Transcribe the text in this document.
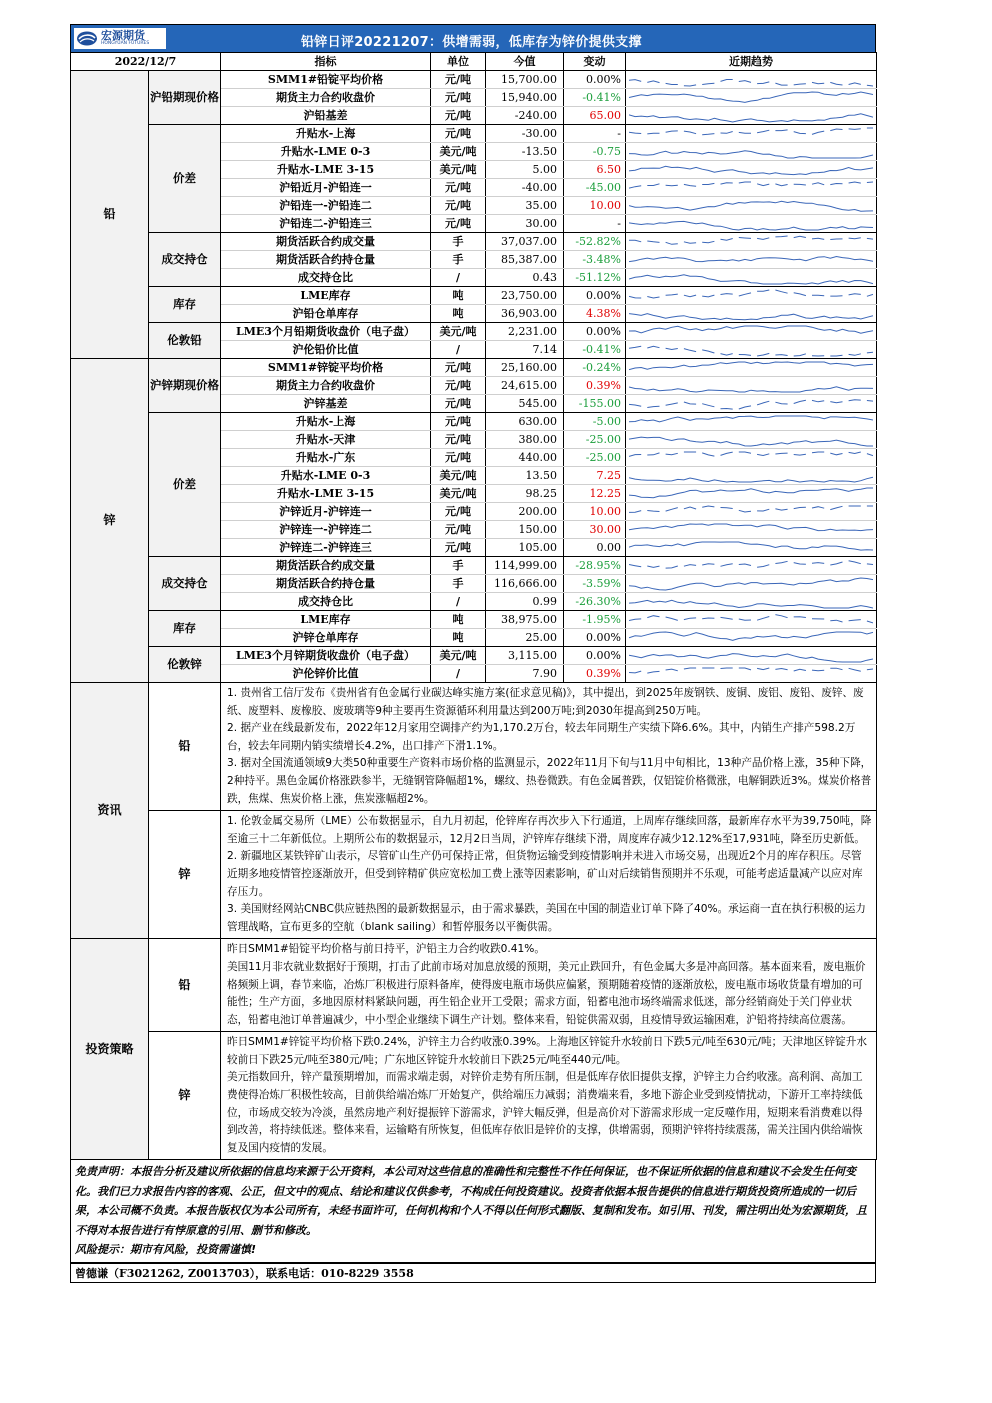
宏源期货
HONGYUAN FUTURES	铅锌日评20221207：供增需弱，低库存为锌价提供支撑
2022/12/7		指标	单位	今值	变动	近期趋势
铅	沪铅期现价格	SMM1#铅锭平均价格	元/吨	15,700.00	0.00%	

		期货主力合约收盘价	元/吨	15,940.00	-0.41%	

		沪铅基差	元/吨	-240.00	65.00	

	价差	升贴水-上海	元/吨	-30.00	-	

		升贴水-LME 0-3	美元/吨	-13.50	-0.75	

		升贴水-LME 3-15	美元/吨	5.00	6.50	

		沪铅近月-沪铅连一	元/吨	-40.00	-45.00	

		沪铅连一-沪铅连二	元/吨	35.00	10.00	

		沪铅连二-沪铅连三	元/吨	30.00	-	

	成交持仓	期货活跃合约成交量	手	37,037.00	-52.82%	

		期货活跃合约持仓量	手	85,387.00	-3.48%	

		成交持仓比	/	0.43	-51.12%	

	库存	LME库存	吨	23,750.00	0.00%	

		沪铅仓单库存	吨	36,903.00	4.38%	

	伦敦铅	LME3个月铅期货收盘价（电子盘）	美元/吨	2,231.00	0.00%	

		沪伦铅价比值	/	7.14	-0.41%	

锌	沪锌期现价格	SMM1#锌锭平均价格	元/吨	25,160.00	-0.24%	

		期货主力合约收盘价	元/吨	24,615.00	0.39%	

		沪锌基差	元/吨	545.00	-155.00	

	价差	升贴水-上海	元/吨	630.00	-5.00	

		升贴水-天津	元/吨	380.00	-25.00	

		升贴水-广东	元/吨	440.00	-25.00	

		升贴水-LME 0-3	美元/吨	13.50	7.25	

		升贴水-LME 3-15	美元/吨	98.25	12.25	

		沪锌近月-沪锌连一	元/吨	200.00	10.00	

		沪锌连一-沪锌连二	元/吨	150.00	30.00	

		沪锌连二-沪锌连三	元/吨	105.00	0.00	

	成交持仓	期货活跃合约成交量	手	114,999.00	-28.95%	

		期货活跃合约持仓量	手	116,666.00	-3.59%	

		成交持仓比	/	0.99	-26.30%	

	库存	LME库存	吨	38,975.00	-1.95%	

		沪锌仓单库存	吨	25.00	0.00%	

	伦敦锌	LME3个月锌期货收盘价（电子盘）	美元/吨	3,115.00	0.00%	

		沪伦锌价比值	/	7.90	0.39%	
资讯	铅	1. 贵州省工信厅发布《贵州省有色金属行业碳达峰实施方案(征求意见稿)》，其中提出，到2025年废钢铁、废铜、废铝、废铅、废锌、废纸、废塑料、废橡胶、废玻璃等9种主要再生资源循环利用量达到200万吨;到2030年提高到250万吨。

2. 据产业在线最新发布，2022年12月家用空调排产约为1,170.2万台，较去年同期生产实绩下降6.6%。其中，内销生产排产598.2万台，较去年同期内销实绩增长4.2%，出口排产下滑1.1%。

3. 据对全国流通领域9大类50种重要生产资料市场价格的监测显示，2022年11月下旬与11月中旬相比，13种产品价格上涨，35种下降，2种持平。黑色金属价格涨跌参半，无缝钢管降幅超1%，螺纹、热卷微跌。有色金属普跌，仅铝锭价格微涨，电解铜跌近3%。煤炭价格普跌，焦煤、焦炭价格上涨，焦炭涨幅超2%。

	锌	1. 伦敦金属交易所（LME）公布数据显示，自九月初起，伦锌库存再次步入下行通道，上周库存继续回落，最新库存水平为39,750吨，降至逾三十二年新低位。上期所公布的数据显示，12月2日当周，沪锌库存继续下滑，周度库存减少12.12%至17,931吨，降至历史新低。

2. 新疆地区某铁锌矿山表示，尽管矿山生产仍可保持正常，但货物运输受到疫情影响并未进入市场交易，出现近2个月的库存积压。尽管近期多地疫情管控逐渐放开，但受到锌精矿供应宽松加工费上涨等因素影响，矿山对后续销售预期并不乐观，可能考虑适量减产以应对库存压力。

3. 美国财经网站CNBC供应链热图的最新数据显示，由于需求暴跌，美国在中国的制造业订单下降了40%。承运商一直在执行积极的运力管理战略，宣布更多的空航（blank sailing）和暂停服务以平衡供需。

投资策略	铅	昨日SMM1#铅锭平均价格与前日持平，沪铅主力合约收跌0.41%。

美国11月非农就业数据好于预期，打击了此前市场对加息放缓的预期，美元止跌回升，有色金属大多是冲高回落。基本面来看，废电瓶价格频频上调，春节来临，冶炼厂积极进行原料备库，使得废电瓶市场供应偏紧，预期随着疫情的逐渐放松，废电瓶市场收货量有增加的可能性；生产方面，多地因原材料紧缺问题，再生铅企业开工受限；需求方面，铅蓄电池市场终端需求低迷，部分经销商处于关门停业状态，铅蓄电池订单普遍减少，中小型企业继续下调生产计划。整体来看，铅锭供需双弱，且疫情导致运输困难，沪铅将持续高位震荡。

	锌	昨日SMM1#锌锭平均价格下跌0.24%，沪锌主力合约收涨0.39%。上海地区锌锭升水较前日下跌5元/吨至630元/吨；天津地区锌锭升水较前日下跌25元/吨至380元/吨；广东地区锌锭升水较前日下跌25元/吨至440元/吨。

美元指数回升，锌产量预期增加，而需求端走弱，对锌价走势有所压制，但是低库存依旧提供支撑，沪锌主力合约收涨。高利润、高加工费使得冶炼厂积极性较高，目前供给端冶炼厂开始复产，供给端压力减弱；消费端来看，多地下游企业受到疫情扰动，下游开工率持续低位，市场成交较为冷淡，虽然房地产利好提振锌下游需求，沪锌大幅反弹，但是高价对下游需求形成一定反噬作用，短期来看消费难以得到改善，将持续低迷。整体来看，运输略有所恢复，但低库存依旧是锌价的支撑，供增需弱，预期沪锌将持续震荡，需关注国内供给端恢复及国内疫情的发展。

免责声明：本报告分析及建议所依据的信息均来源于公开资料，本公司对这些信息的准确性和完整性不作任何保证，也不保证所依据的信息和建议不会发生任何变化。我们已力求报告内容的客观、公正，但文中的观点、结论和建议仅供参考，不构成任何投资建议。投资者依据本报告提供的信息进行期货投资所造成的一切后果，本公司概不负责。本报告版权仅为本公司所有，未经书面许可，任何机构和个人不得以任何形式翻版、复制和发布。如引用、刊发，需注明出处为宏源期货，且不得对本报告进行有悖原意的引用、删节和修改。
风险提示：期市有风险，投资需谨慎!
曾德谦（F3021262, Z0013703），联系电话：010-8229 3558
